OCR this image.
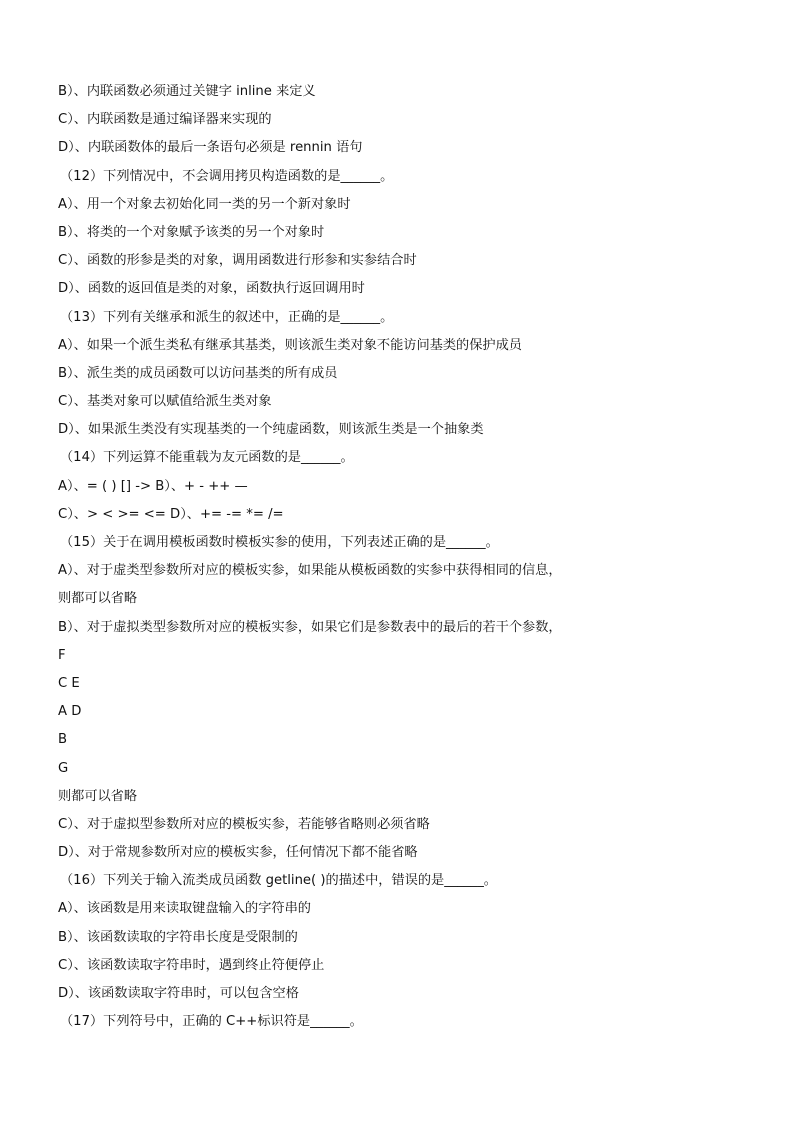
B）、内联函数必须通过关键字 inline 来定义
C）、内联函数是通过编译器来实现的
D）、内联函数体的最后一条语句必须是 rennin 语句
（12）下列情况中，不会调用拷贝构造函数的是______。
A）、用一个对象去初始化同一类的另一个新对象时
B）、将类的一个对象赋予该类的另一个对象时
C）、函数的形参是类的对象，调用函数进行形参和实参结合时
D）、函数的返回值是类的对象，函数执行返回调用时
（13）下列有关继承和派生的叙述中，正确的是______。
A）、如果一个派生类私有继承其基类，则该派生类对象不能访问基类的保护成员
B）、派生类的成员函数可以访问基类的所有成员
C）、基类对象可以赋值给派生类对象
D）、如果派生类没有实现基类的一个纯虚函数，则该派生类是一个抽象类
（14）下列运算不能重载为友元函数的是______。
A）、= ( ) [] -> B）、+ - ++ —
C）、> < >= <= D）、+= -= *= /=
（15）关于在调用模板函数时模板实参的使用，下列表述正确的是______。
A）、对于虚类型参数所对应的模板实参，如果能从模板函数的实参中获得相同的信息，
则都可以省略
B）、对于虚拟类型参数所对应的模板实参，如果它们是参数表中的最后的若干个参数，
F
C E
A D
B
G
则都可以省略
C）、对于虚拟型参数所对应的模板实参，若能够省略则必须省略
D）、对于常规参数所对应的模板实参，任何情况下都不能省略
（16）下列关于输入流类成员函数 getline( )的描述中，错误的是______。
A）、该函数是用来读取键盘输入的字符串的
B）、该函数读取的字符串长度是受限制的
C）、该函数读取字符串时，遇到终止符便停止
D）、该函数读取字符串时，可以包含空格
（17）下列符号中，正确的 C++标识符是______。
